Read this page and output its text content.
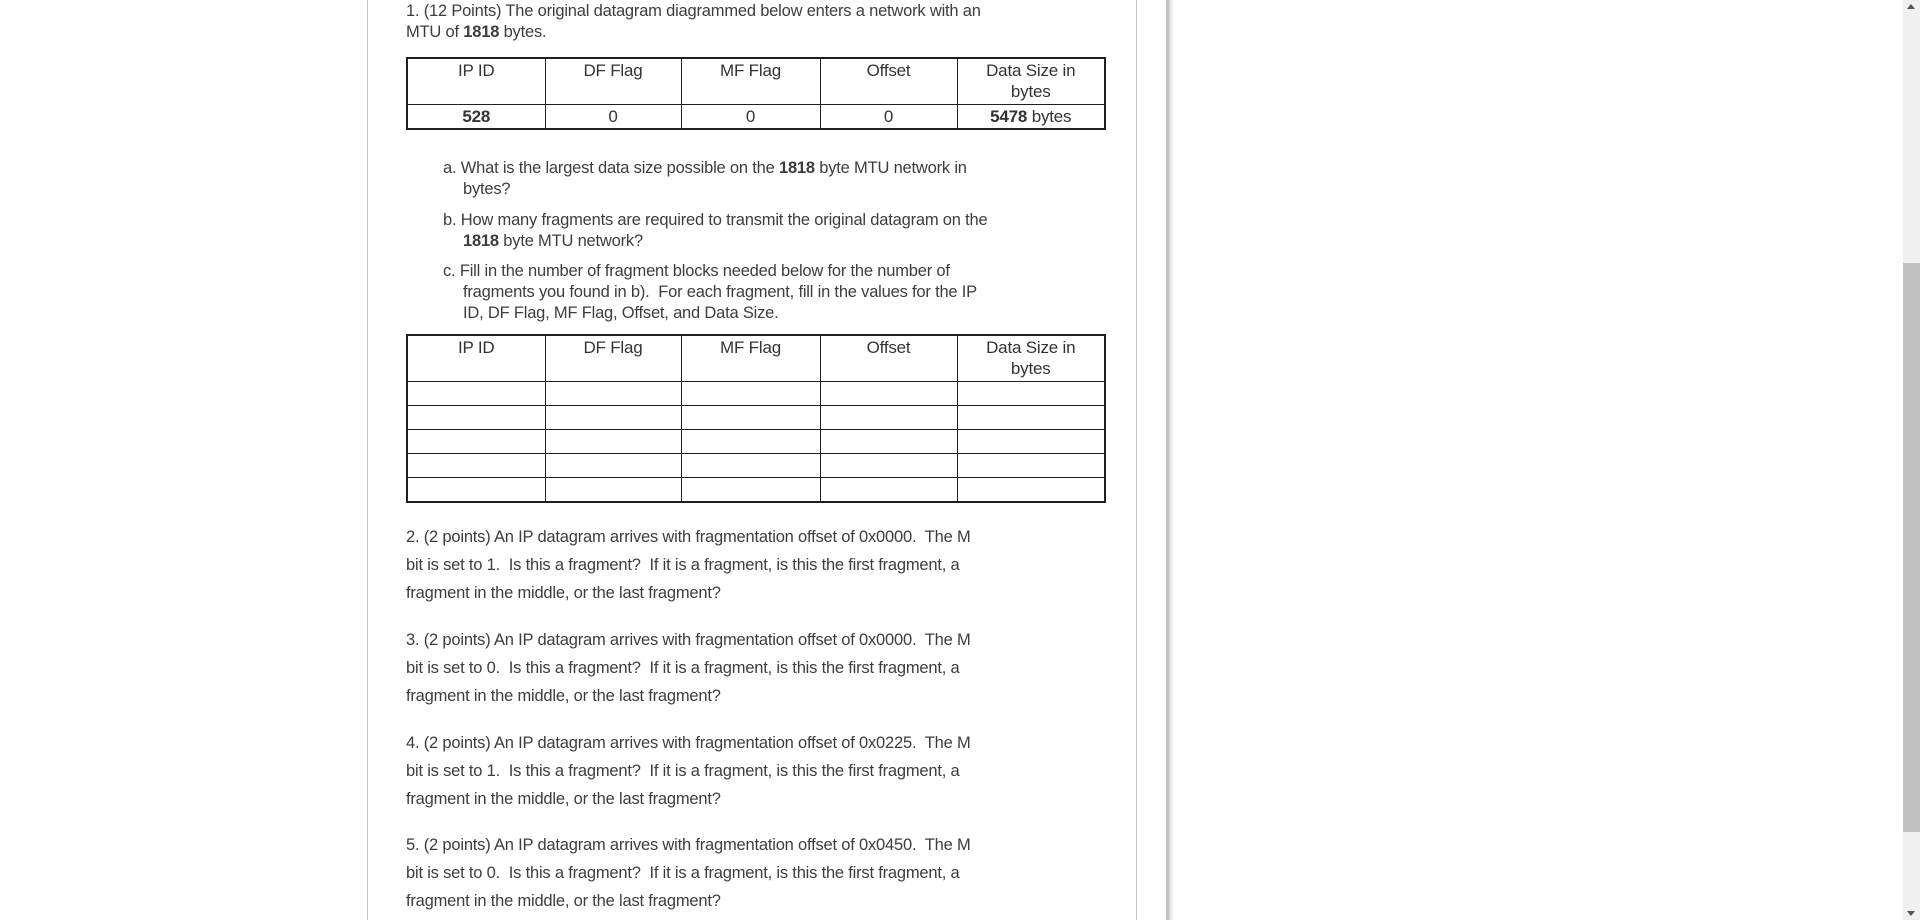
1. (12 Points) The original datagram diagrammed below enters a network with an
MTU of 1818 bytes.
IP ID	DF Flag	MF Flag	Offset	Data Size in
bytes

528	0	0	0	5478 bytes
a. What is the largest data size possible on the 1818 byte MTU network in
bytes?
b. How many fragments are required to transmit the original datagram on the
1818 byte MTU network?
c. Fill in the number of fragment blocks needed below for the number of
fragments you found in b).  For each fragment, fill in the values for the IP
ID, DF Flag, MF Flag, Offset, and Data Size.
IP ID	DF Flag	MF Flag	Offset	Data Size in
bytes

2. (2 points) An IP datagram arrives with fragmentation offset of 0x0000.  The M
bit is set to 1.  Is this a fragment?  If it is a fragment, is this the first fragment, a
fragment in the middle, or the last fragment?
3. (2 points) An IP datagram arrives with fragmentation offset of 0x0000.  The M
bit is set to 0.  Is this a fragment?  If it is a fragment, is this the first fragment, a
fragment in the middle, or the last fragment?
4. (2 points) An IP datagram arrives with fragmentation offset of 0x0225.  The M
bit is set to 1.  Is this a fragment?  If it is a fragment, is this the first fragment, a
fragment in the middle, or the last fragment?
5. (2 points) An IP datagram arrives with fragmentation offset of 0x0450.  The M
bit is set to 0.  Is this a fragment?  If it is a fragment, is this the first fragment, a
fragment in the middle, or the last fragment?
